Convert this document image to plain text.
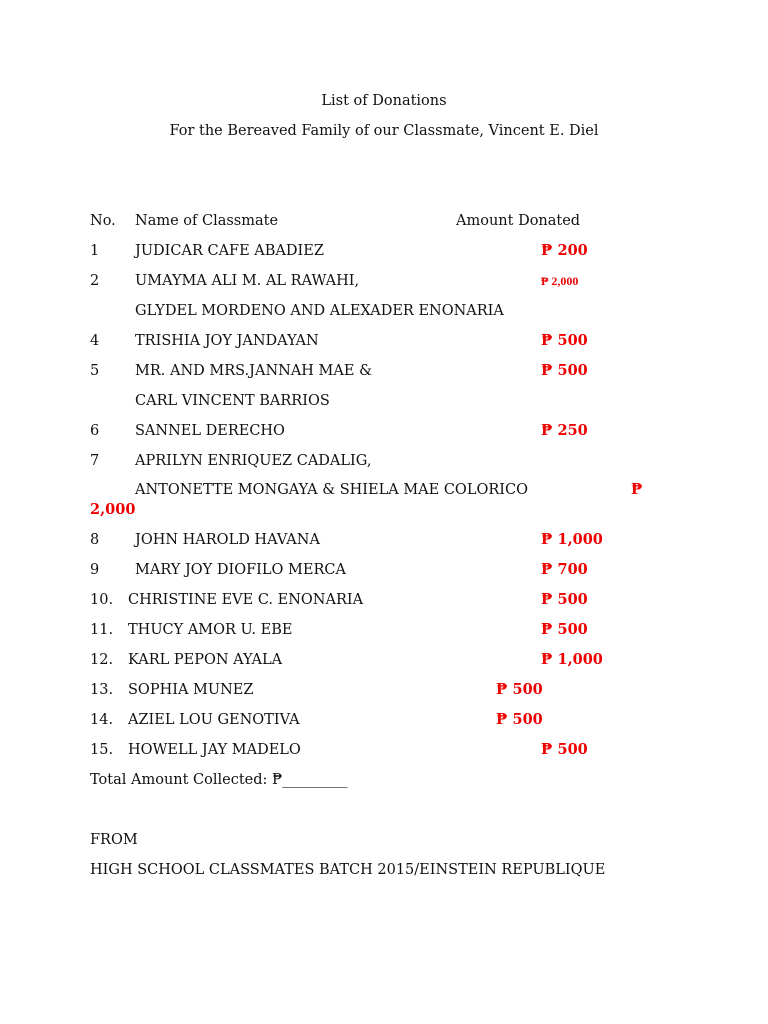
List of Donations
For the Bereaved Family of our Classmate, Vincent E. Diel
No. Name of Classmate	Amount Donated
1 JUDICAR CAFE ABADIEZ	₱ 200
2 UMAYMA ALI M. AL RAWAHI,	₱ 2,000
GLYDEL MORDENO AND ALEXADER ENONARIA
4 TRISHIA JOY JANDAYAN	₱ 500
5 MR. AND MRS.JANNAH MAE &	₱ 500
CARL VINCENT BARRIOS
6 SANNEL DERECHO	₱ 250
7 APRILYN ENRIQUEZ CADALIG,
ANTONETTE MONGAYA & SHIELA MAE COLORICO	₱
2,000
8 JOHN HAROLD HAVANA	₱ 1,000
9 MARY JOY DIOFILO MERCA	₱ 700
10. CHRISTINE EVE C. ENONARIA	₱ 500
11. THUCY AMOR U. EBE	₱ 500
12. KARL PEPON AYALA	₱ 1,000
13. SOPHIA MUNEZ	₱ 500
14. AZIEL LOU GENOTIVA	₱ 500
15. HOWELL JAY MADELO	₱ 500
Total Amount Collected: ₱_________
FROM
HIGH SCHOOL CLASSMATES BATCH 2015/EINSTEIN REPUBLIQUE
